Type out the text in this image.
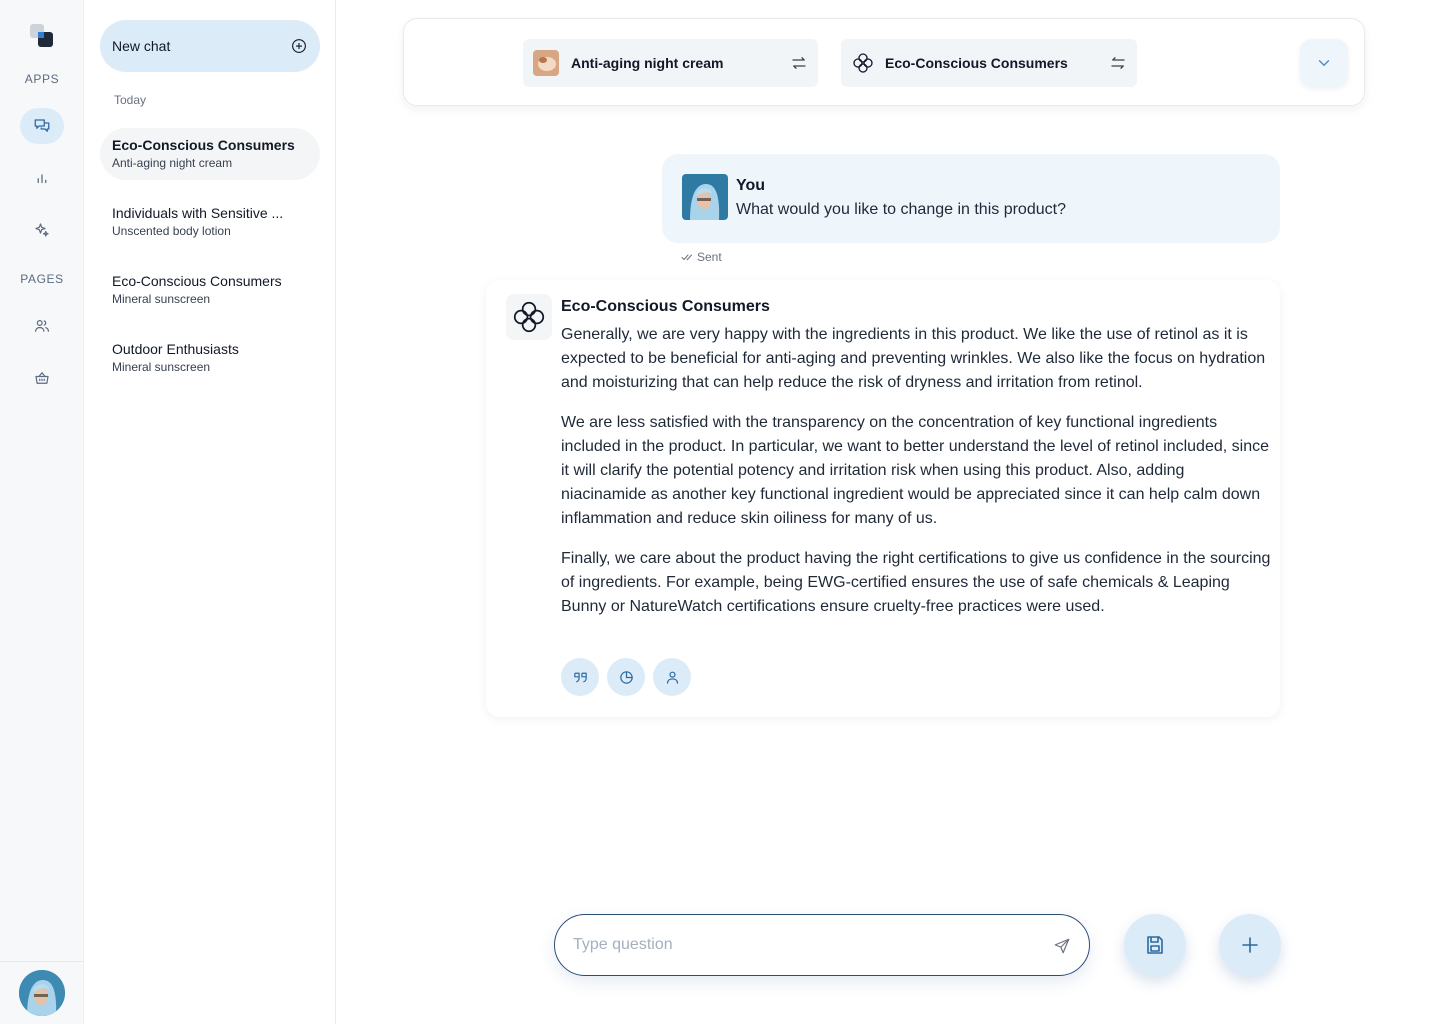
APPS
PAGES
New chat
Today
Eco-Conscious Consumers
Anti-aging night cream
Individuals with Sensitive ...
Unscented body lotion
Eco-Conscious Consumers
Mineral sunscreen
Outdoor Enthusiasts
Mineral sunscreen
Anti-aging night cream	Eco-Conscious Consumers
You
What would you like to change in this product?
Sent
Eco-Conscious Consumers

Generally, we are very happy with the ingredients in this product. We like the use of retinol as it is expected to be beneficial for anti-aging and preventing wrinkles. We also like the focus on hydration and moisturizing that can help reduce the risk of dryness and irritation from retinol.

We are less satisfied with the transparency on the concentration of key functional ingredients included in the product. In particular, we want to better understand the level of retinol included, since it will clarify the potential potency and irritation risk when using this product. Also, adding niacinamide as another key functional ingredient would be appreciated since it can help calm down inflammation and reduce skin oiliness for many of us.

Finally, we care about the product having the right certifications to give us confidence in the sourcing of ingredients. For example, being EWG-certified ensures the use of safe chemicals & Leaping Bunny or NatureWatch certifications ensure cruelty-free practices were used.

Type question
